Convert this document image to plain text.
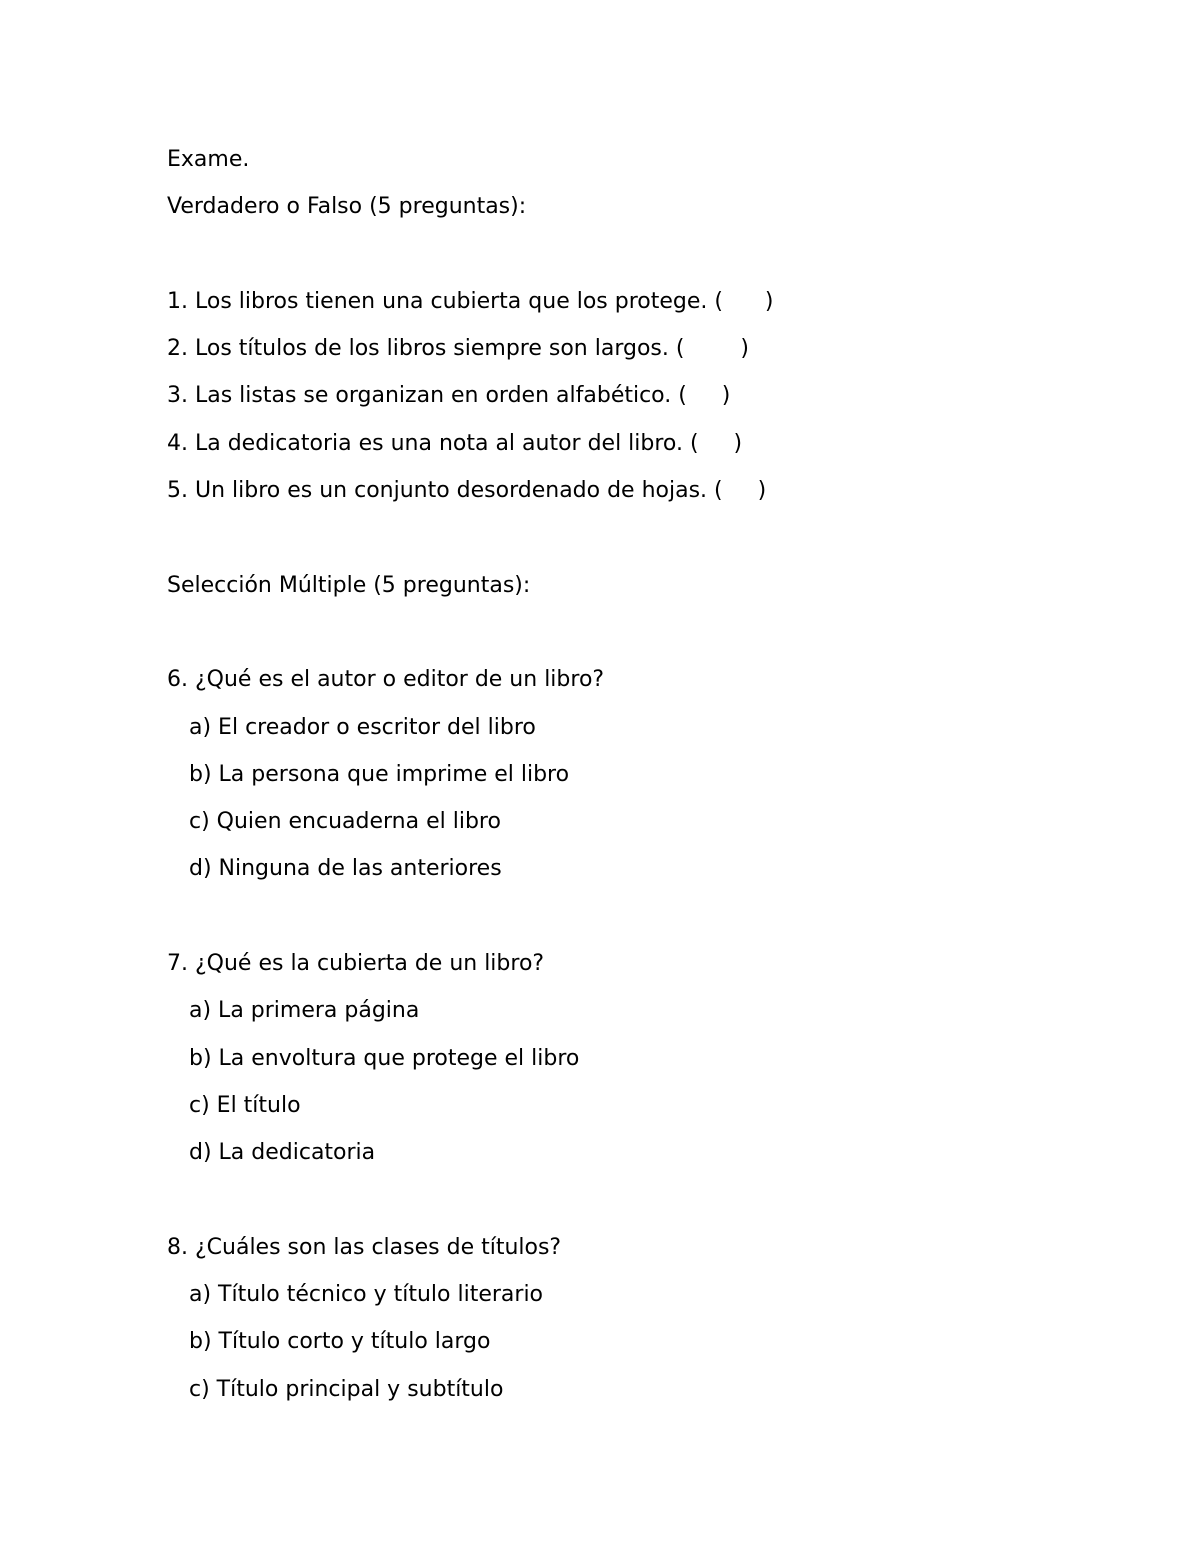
Exame.
Verdadero o Falso (5 preguntas):
1. Los libros tienen una cubierta que los protege. (      )
2. Los títulos de los libros siempre son largos. (        )
3. Las listas se organizan en orden alfabético. (     )
4. La dedicatoria es una nota al autor del libro. (     )
5. Un libro es un conjunto desordenado de hojas. (     )
Selección Múltiple (5 preguntas):
6. ¿Qué es el autor o editor de un libro?
a) El creador o escritor del libro
b) La persona que imprime el libro
c) Quien encuaderna el libro
d) Ninguna de las anteriores
7. ¿Qué es la cubierta de un libro?
a) La primera página
b) La envoltura que protege el libro
c) El título
d) La dedicatoria
8. ¿Cuáles son las clases de títulos?
a) Título técnico y título literario
b) Título corto y título largo
c) Título principal y subtítulo
